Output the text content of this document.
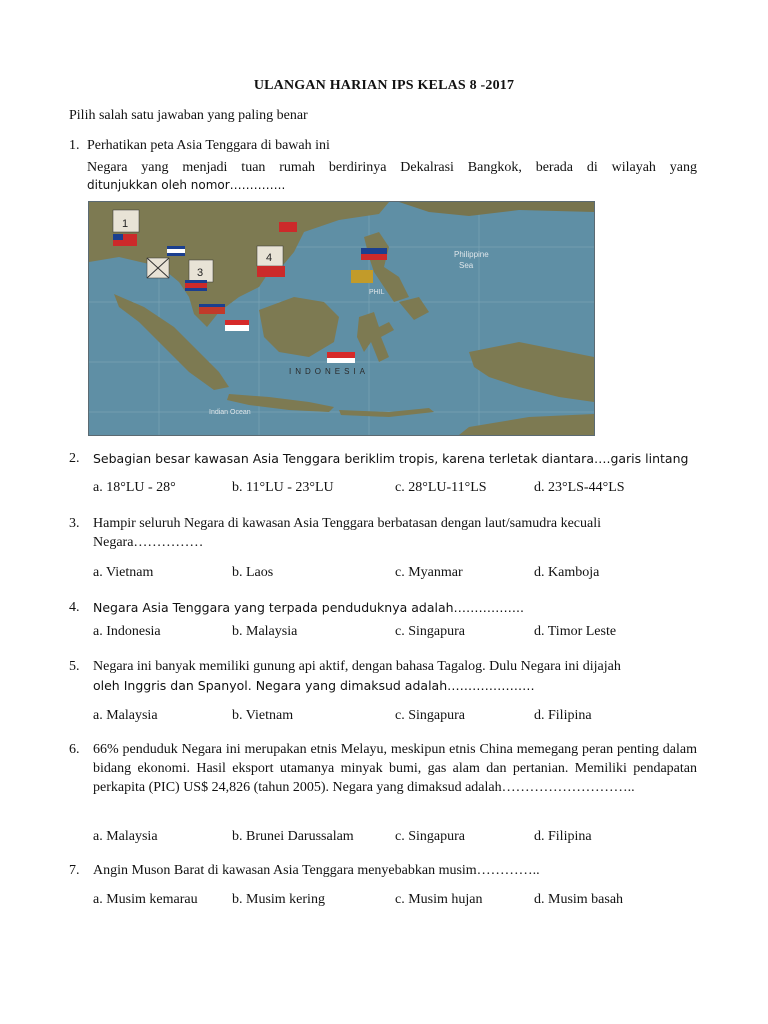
ULANGAN HARIAN IPS KELAS 8 -2017
Pilih salah satu jawaban yang paling benar
1. Perhatikan peta Asia Tenggara di bawah ini
Negara yang menjadi tuan rumah berdirinya Dekalrasi Bangkok, berada di wilayah yang
ditunjukkan oleh nomor…………..
1
3
4	Philippine
Sea
INDONESIA
Indian Ocean
PHIL
2. Sebagian besar kawasan Asia Tenggara beriklim tropis, karena terletak diantara….garis lintang
a. 18°LU - 28°	b. 11°LU - 23°LU	c. 28°LU-11°LS	d. 23°LS-44°LS
3. Hampir seluruh Negara di kawasan Asia Tenggara berbatasan dengan laut/samudra kecuali
Negara……………
a. Vietnam	b. Laos	c. Myanmar	d. Kamboja
4. Negara Asia Tenggara yang terpada penduduknya adalah……………..
a. Indonesia	b. Malaysia	c. Singapura	d. Timor Leste
5. Negara ini banyak memiliki gunung api aktif, dengan bahasa Tagalog. Dulu Negara ini dijajah
oleh Inggris dan Spanyol. Negara yang dimaksud adalah…………………
a. Malaysia	b. Vietnam	c. Singapura	d. Filipina
6. 66% penduduk Negara ini merupakan etnis Melayu, meskipun etnis China memegang peran penting dalam bidang ekonomi. Hasil eksport utamanya minyak bumi, gas alam dan pertanian. Memiliki pendapatan perkapita (PIC) US$ 24,826 (tahun 2005). Negara yang dimaksud adalah………………………..
a. Malaysia	b. Brunei Darussalam	c. Singapura	d. Filipina
7. Angin Muson Barat di kawasan Asia Tenggara menyebabkan musim…………..
a. Musim kemarau b. Musim kering	c. Musim hujan	d. Musim basah
